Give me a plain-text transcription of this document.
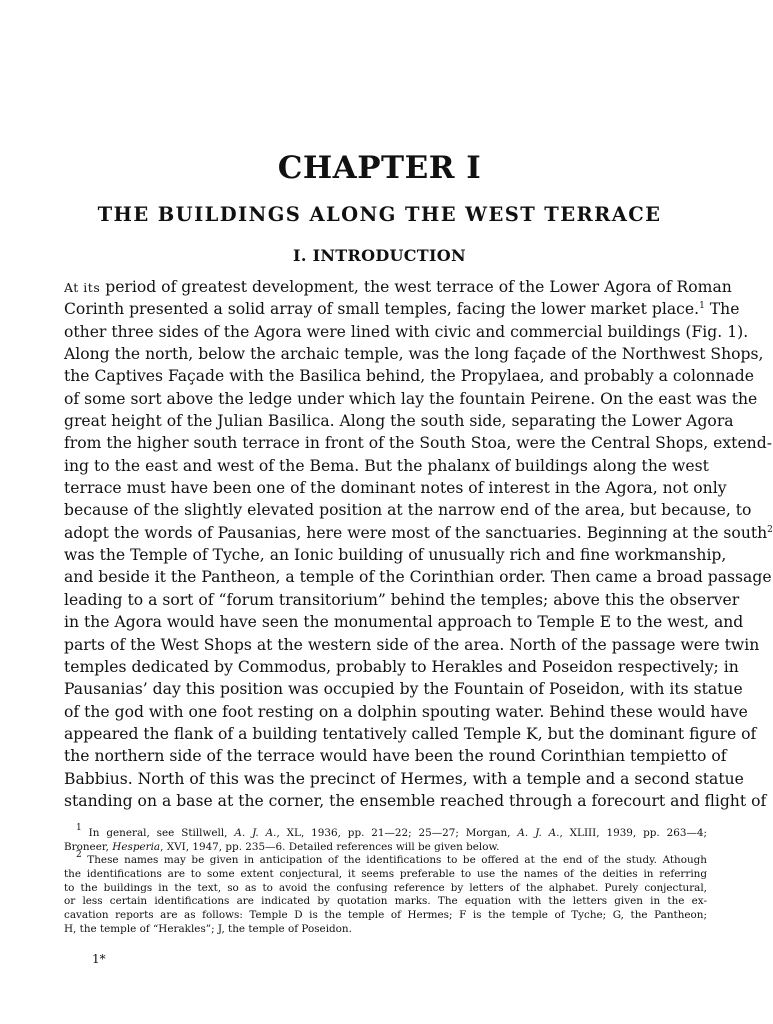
CHAPTER I
THE BUILDINGS ALONG THE WEST TERRACE
I. INTRODUCTION
At its period of greatest development, the west terrace of the Lower Agora of Roman
Corinth presented a solid array of small temples, facing the lower market place.$^1$ The
other three sides of the Agora were lined with civic and commercial buildings (Fig. 1).
Along the north, below the archaic temple, was the long façade of the Northwest Shops,
the Captives Façade with the Basilica behind, the Propylaea, and probably a colonnade
of some sort above the ledge under which lay the fountain Peirene. On the east was the
great height of the Julian Basilica. Along the south side, separating the Lower Agora
from the higher south terrace in front of the South Stoa, were the Central Shops, extend-
ing to the east and west of the Bema. But the phalanx of buildings along the west
terrace must have been one of the dominant notes of interest in the Agora, not only
because of the slightly elevated position at the narrow end of the area, but because, to
adopt the words of Pausanias, here were most of the sanctuaries. Beginning at the south$^2$
was the Temple of Tyche, an Ionic building of unusually rich and fine workmanship,
and beside it the Pantheon, a temple of the Corinthian order. Then came a broad passage
leading to a sort of “forum transitorium” behind the temples; above this the observer
in the Agora would have seen the monumental approach to Temple E to the west, and
parts of the West Shops at the western side of the area. North of the passage were twin
temples dedicated by Commodus, probably to Herakles and Poseidon respectively; in
Pausanias’ day this position was occupied by the Fountain of Poseidon, with its statue
of the god with one foot resting on a dolphin spouting water. Behind these would have
appeared the flank of a building tentatively called Temple K, but the dominant figure of
the northern side of the terrace would have been the round Corinthian tempietto of
Babbius. North of this was the precinct of Hermes, with a temple and a second statue
standing on a base at the corner, the ensemble reached through a forecourt and flight of
$^1$ In general, see Stillwell, A. J. A., XL, 1936, pp. 21—22; 25—27; Morgan, A. J. A., XLIII, 1939, pp. 263—4;
Broneer, Hesperia, XVI, 1947, pp. 235—6. Detailed references will be given below.
$^2$ These names may be given in anticipation of the identifications to be offered at the end of the study. Athough
the identifications are to some extent conjectural, it seems preferable to use the names of the deities in referring
to the buildings in the text, so as to avoid the confusing reference by letters of the alphabet. Purely conjectural,
or less certain identifications are indicated by quotation marks. The equation with the letters given in the ex-
cavation reports are as follows: Temple D is the temple of Hermes; F is the temple of Tyche; G, the Pantheon;
H, the temple of “Herakles”; J, the temple of Poseidon.
1*
